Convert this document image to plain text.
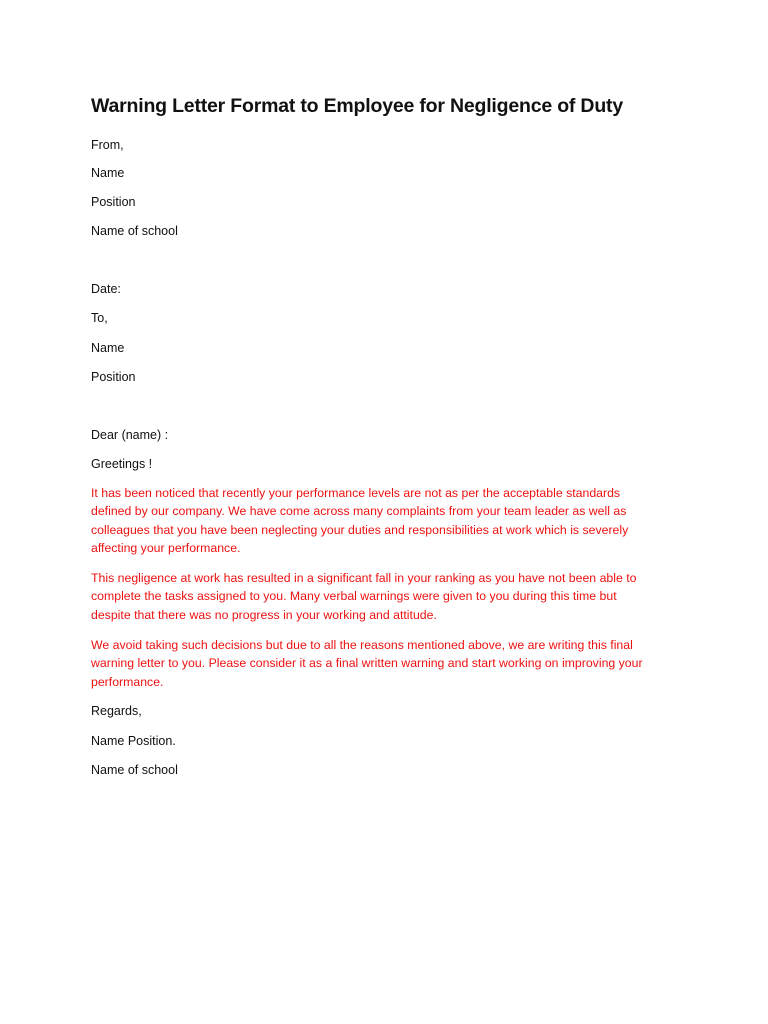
Warning Letter Format to Employee for Negligence of Duty

From,

Name

Position

Name of school

Date:

To,

Name

Position

Dear (name) :

Greetings !

It has been noticed that recently your performance levels are not as per the acceptable standards
defined by our company. We have come across many complaints from your team leader as well as
colleagues that you have been neglecting your duties and responsibilities at work which is severely
affecting your performance.
This negligence at work has resulted in a significant fall in your ranking as you have not been able to
complete the tasks assigned to you. Many verbal warnings were given to you during this time but
despite that there was no progress in your working and attitude.
We avoid taking such decisions but due to all the reasons mentioned above, we are writing this final
warning letter to you. Please consider it as a final written warning and start working on improving your
performance.

Regards,

Name Position.

Name of school
